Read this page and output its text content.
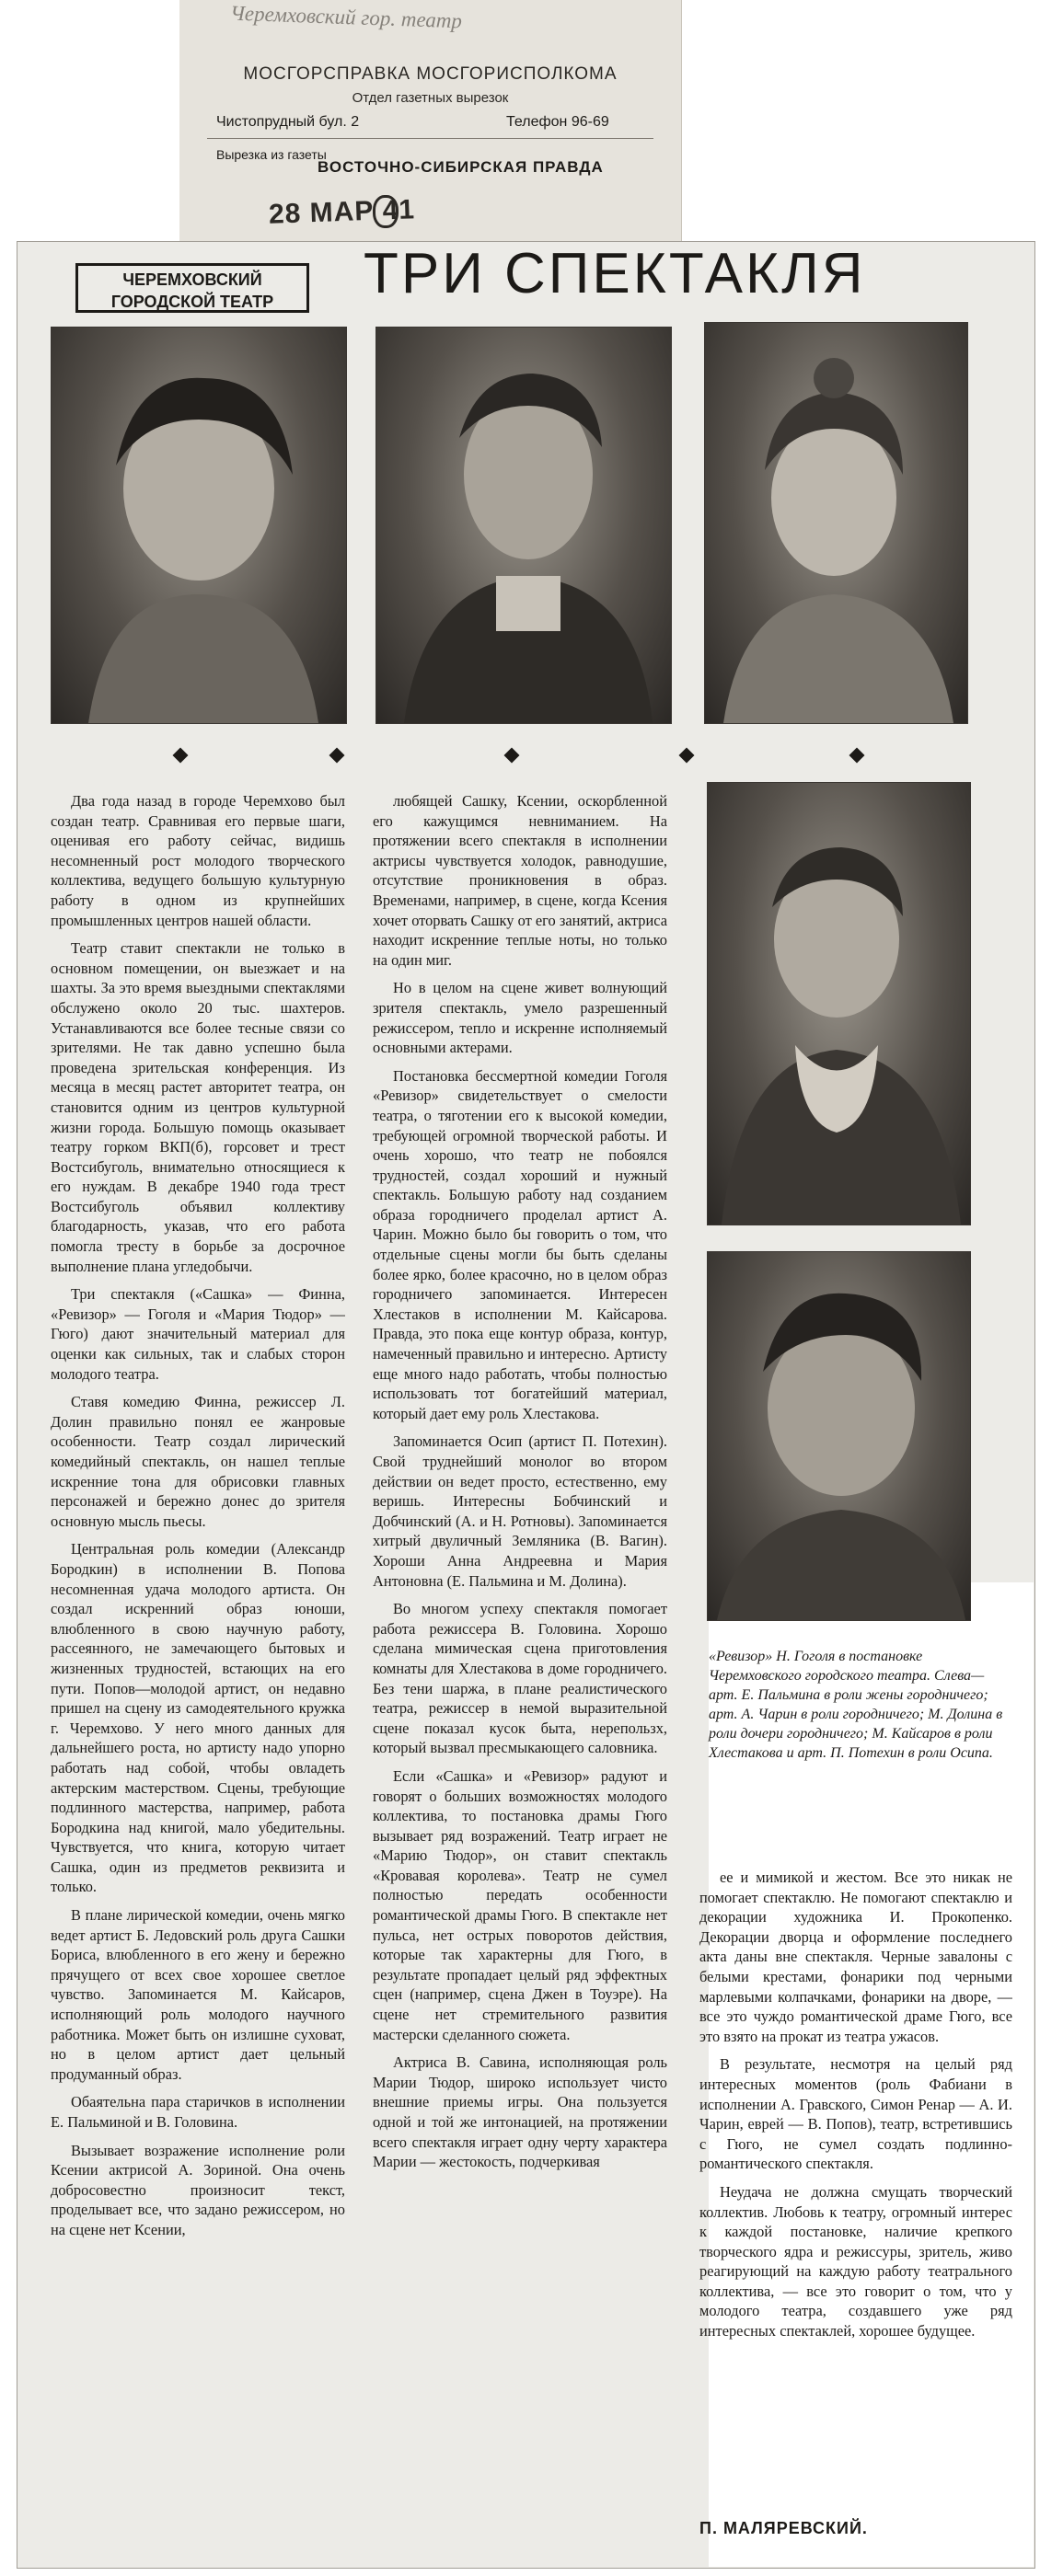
Черемховский гор. театр
МОСГОРСПРАВКА МОСГОРИСПОЛКОМА
Отдел газетных вырезок
Чистопрудный бул. 2	Телефон 96-69
Вырезка из газеты
ВОСТОЧНО-СИБИРСКАЯ ПРАВДА
28 МАР 41
ЧЕРЕМХОВСКИЙ ГОРОДСКОЙ ТЕАТР	ТРИ СПЕКТАКЛЯ

Два года назад в городе Черемхово был создан театр. Сравнивая его первые шаги, оценивая его работу сейчас, видишь несомненный рост молодого творческого коллектива, ведущего большую культурную работу в одном из крупнейших промышленных центров нашей области.

Театр ставит спектакли не только в основном помещении, он выезжает и на шахты. За это время выездными спектаклями обслужено около 20 тыс. шахтеров. Устанавливаются все более тесные связи со зрителями. Не так давно успешно была проведена зрительская конференция. Из месяца в месяц растет авторитет театра, он становится одним из центров культурной жизни города. Большую помощь оказывает театру горком ВКП(б), горсовет и трест Востсибуголь, внимательно относящиеся к его нуждам. В декабре 1940 года трест Востсибуголь объявил коллективу благодарность, указав, что его работа помогла тресту в борьбе за досрочное выполнение плана угледобычи.

Три спектакля («Сашка» — Финна, «Ревизор» — Гоголя и «Мария Тюдор» — Гюго) дают значительный материал для оценки как сильных, так и слабых сторон молодого театра.

Ставя комедию Финна, режиссер Л. Долин правильно понял ее жанровые особенности. Театр создал лирический комедийный спектакль, он нашел теплые искренние тона для обрисовки главных персонажей и бережно донес до зрителя основную мысль пьесы.

Центральная роль комедии (Александр Бородкин) в исполнении В. Попова несомненная удача молодого артиста. Он создал искренний образ юноши, влюбленного в свою научную работу, рассеянного, не замечающего бытовых и жизненных трудностей, встающих на его пути. Попов—молодой артист, он недавно пришел на сцену из самодеятельного кружка г. Черемхово. У него много данных для дальнейшего роста, но артисту надо упорно работать над собой, чтобы овладеть актерским мастерством. Сцены, требующие подлинного мастерства, например, работа Бородкина над книгой, мало убедительны. Чувствуется, что книга, которую читает Сашка, один из предметов реквизита и только.

В плане лирической комедии, очень мягко ведет артист Б. Ледовский роль друга Сашки Бориса, влюбленного в его жену и бережно прячущего от всех свое хорошее светлое чувство. Запоминается М. Кайсаров, исполняющий роль молодого научного работника. Может быть он излишне суховат, но в целом артист дает цельный продуманный образ.

Обаятельна пара старичков в исполнении Е. Пальминой и В. Головина.

Вызывает возражение исполнение роли Ксении актрисой А. Зориной. Она очень добросовестно произносит текст, проделывает все, что задано режиссером, но на сцене нет Ксении,

любящей Сашку, Ксении, оскорбленной его кажущимся невниманием. На протяжении всего спектакля в исполнении актрисы чувствуется холодок, равнодушие, отсутствие проникновения в образ. Временами, например, в сцене, когда Ксения хочет оторвать Сашку от его занятий, актриса находит искренние теплые ноты, но только на один миг.

Но в целом на сцене живет волнующий зрителя спектакль, умело разрешенный режиссером, тепло и искренне исполняемый основными актерами.

Постановка бессмертной комедии Гоголя «Ревизор» свидетельствует о смелости театра, о тяготении его к высокой комедии, требующей огромной творческой работы. И очень хорошо, что театр не побоялся трудностей, создал хороший и нужный спектакль. Большую работу над созданием образа городничего проделал артист А. Чарин. Можно было бы говорить о том, что отдельные сцены могли бы быть сделаны более ярко, более красочно, но в целом образ городничего запоминается. Интересен Хлестаков в исполнении М. Кайсарова. Правда, это пока еще контур образа, контур, намеченный правильно и интересно. Артисту еще много надо работать, чтобы полностью использовать тот богатейший материал, который дает ему роль Хлестакова.

Запоминается Осип (артист П. Потехин). Свой труднейший монолог во втором действии он ведет просто, естественно, ему веришь. Интересны Бобчинский и Добчинский (А. и Н. Ротновы). Запоминается хитрый двуличный Земляника (В. Вагин). Хороши Анна Андреевна и Мария Антоновна (Е. Пальмина и М. Долина).

Во многом успеху спектакля помогает работа режиссера В. Головина. Хорошо сделана мимическая сцена приготовления комнаты для Хлестакова в доме городничего. Без тени шаржа, в плане реалистического театра, режиссер в немой выразительной сцене показал кусок быта, нерепользх, который вызвал пресмыкающего саловника.

Если «Сашка» и «Ревизор» радуют и говорят о больших возможностях молодого коллектива, то постановка драмы Гюго вызывает ряд возражений. Театр играет не «Марию Тюдор», он ставит спектакль «Кровавая королева». Театр не сумел полностью передать особенности романтической драмы Гюго. В спектакле нет пульса, нет острых поворотов действия, которые так характерны для Гюго, в результате пропадает целый ряд эффектных сцен (например, сцена Джен в Тоуэре). На сцене нет стремительного развития мастерски сделанного сюжета.

Актриса В. Савина, исполняющая роль Марии Тюдор, широко использует чисто внешние приемы игры. Она пользуется одной и той же интонацией, на протяжении всего спектакля играет одну черту характера Марии — жестокость, подчеркивая

«Ревизор» Н. Гоголя в постановке Черемховского городского театра. Слева—арт. Е. Пальмина в роли жены городничего; арт. А. Чарин в роли городничего; М. Долина в роли дочери городничего; М. Кайсаров в роли Хлестакова и арт. П. Потехин в роли Осипа.

ее и мимикой и жестом. Все это никак не помогает спектаклю. Не помогают спектаклю и декорации художника И. Прокопенко. Декорации дворца и оформление последнего акта даны вне спектакля. Черные завалоны с белыми крестами, фонарики под черными марлевыми колпачками, фонарики на дворе, — все это чуждо романтической драме Гюго, все это взято на прокат из театра ужасов.

В результате, несмотря на целый ряд интересных моментов (роль Фабиани в исполнении А. Гравского, Симон Ренар — А. И. Чарин, еврей — В. Попов), театр, встретившись с Гюго, не сумел создать подлинно-романтического спектакля.

Неудача не должна смущать творческий коллектив. Любовь к театру, огромный интерес к каждой постановке, наличие крепкого творческого ядра и режиссуры, зритель, живо реагирующий на каждую работу театрального коллектива, — все это говорит о том, что у молодого театра, создавшего уже ряд интересных спектаклей, хорошее будущее.

П. МАЛЯРЕВСКИЙ.
